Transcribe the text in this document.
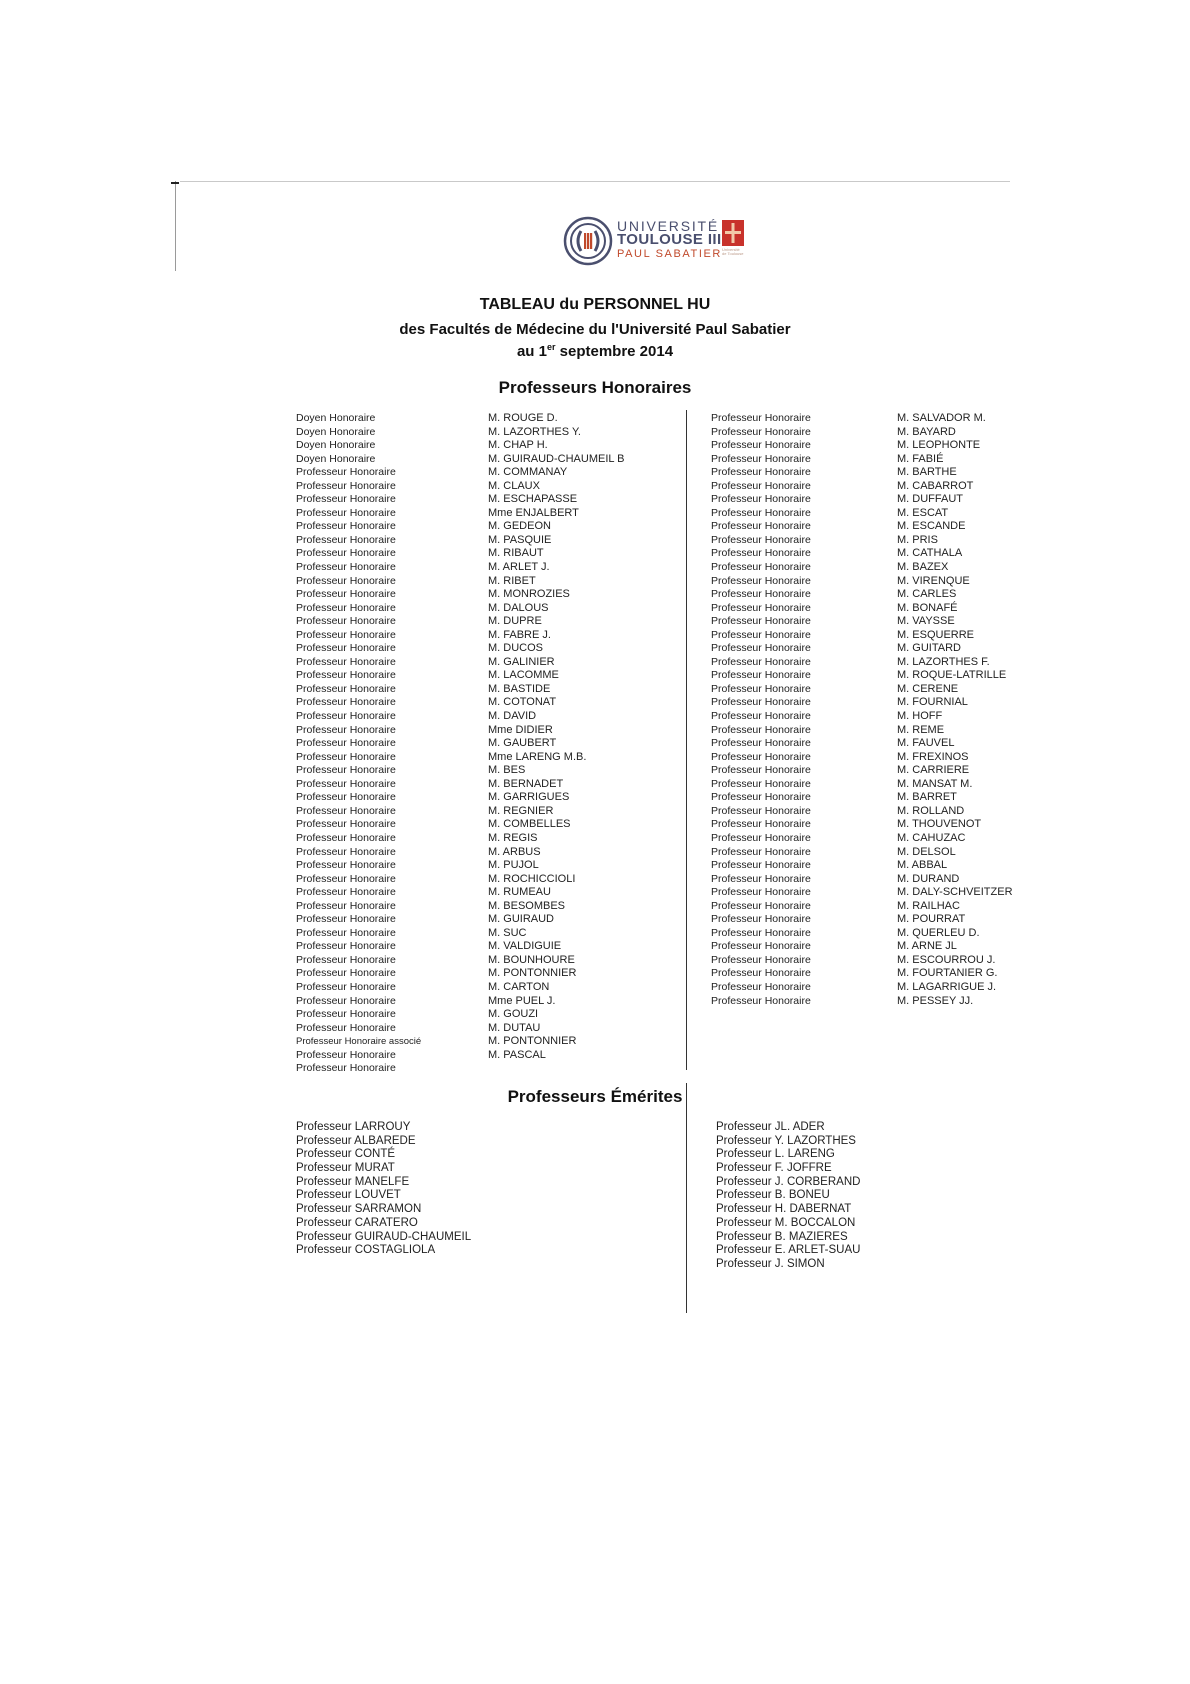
UNIVERSITÉ
TOULOUSE III
PAUL SABATIER Université de Toulouse
TABLEAU du PERSONNEL HU
des Facultés de Médecine du l'Université Paul Sabatier
au 1er septembre 2014
Professeurs Honoraires
Doyen Honoraire
Doyen Honoraire
Doyen Honoraire
Doyen Honoraire
Professeur Honoraire
Professeur Honoraire
Professeur Honoraire
Professeur Honoraire
Professeur Honoraire
Professeur Honoraire
Professeur Honoraire
Professeur Honoraire
Professeur Honoraire
Professeur Honoraire
Professeur Honoraire
Professeur Honoraire
Professeur Honoraire
Professeur Honoraire
Professeur Honoraire
Professeur Honoraire
Professeur Honoraire
Professeur Honoraire
Professeur Honoraire
Professeur Honoraire
Professeur Honoraire
Professeur Honoraire
Professeur Honoraire
Professeur Honoraire
Professeur Honoraire
Professeur Honoraire
Professeur Honoraire
Professeur Honoraire
Professeur Honoraire
Professeur Honoraire
Professeur Honoraire
Professeur Honoraire
Professeur Honoraire
Professeur Honoraire
Professeur Honoraire
Professeur Honoraire
Professeur Honoraire
Professeur Honoraire
Professeur Honoraire
Professeur Honoraire
Professeur Honoraire
Professeur Honoraire
Professeur Honoraire associé
Professeur Honoraire
Professeur Honoraire
M. ROUGE D.
M. LAZORTHES Y.
M. CHAP H.
M. GUIRAUD-CHAUMEIL B
M. COMMANAY
M. CLAUX
M. ESCHAPASSE
Mme ENJALBERT
M. GEDEON
M. PASQUIE
M. RIBAUT
M. ARLET J.
M. RIBET
M. MONROZIES
M. DALOUS
M. DUPRE
M. FABRE J.
M. DUCOS
M. GALINIER
M. LACOMME
M. BASTIDE
M. COTONAT
M. DAVID
Mme DIDIER
M. GAUBERT
Mme LARENG M.B.
M. BES
M. BERNADET
M. GARRIGUES
M. REGNIER
M. COMBELLES
M. REGIS
M. ARBUS
M. PUJOL
M. ROCHICCIOLI
M. RUMEAU
M. BESOMBES
M. GUIRAUD
M. SUC
M. VALDIGUIE
M. BOUNHOURE
M. PONTONNIER
M. CARTON
Mme PUEL J.
M. GOUZI
M. DUTAU
M. PONTONNIER
M. PASCAL
Professeur Honoraire
Professeur Honoraire
Professeur Honoraire
Professeur Honoraire
Professeur Honoraire
Professeur Honoraire
Professeur Honoraire
Professeur Honoraire
Professeur Honoraire
Professeur Honoraire
Professeur Honoraire
Professeur Honoraire
Professeur Honoraire
Professeur Honoraire
Professeur Honoraire
Professeur Honoraire
Professeur Honoraire
Professeur Honoraire
Professeur Honoraire
Professeur Honoraire
Professeur Honoraire
Professeur Honoraire
Professeur Honoraire
Professeur Honoraire
Professeur Honoraire
Professeur Honoraire
Professeur Honoraire
Professeur Honoraire
Professeur Honoraire
Professeur Honoraire
Professeur Honoraire
Professeur Honoraire
Professeur Honoraire
Professeur Honoraire
Professeur Honoraire
Professeur Honoraire
Professeur Honoraire
Professeur Honoraire
Professeur Honoraire
Professeur Honoraire
Professeur Honoraire
Professeur Honoraire
Professeur Honoraire
Professeur Honoraire
M. SALVADOR M.
M. BAYARD
M. LEOPHONTE
M. FABIÉ
M. BARTHE
M. CABARROT
M. DUFFAUT
M. ESCAT
M. ESCANDE
M. PRIS
M. CATHALA
M. BAZEX
M. VIRENQUE
M. CARLES
M. BONAFÉ
M. VAYSSE
M. ESQUERRE
M. GUITARD
M. LAZORTHES F.
M. ROQUE-LATRILLE
M. CERENE
M. FOURNIAL
M. HOFF
M. REME
M. FAUVEL
M. FREXINOS
M. CARRIERE
M. MANSAT M.
M. BARRET
M. ROLLAND
M. THOUVENOT
M. CAHUZAC
M. DELSOL
M. ABBAL
M. DURAND
M. DALY-SCHVEITZER
M. RAILHAC
M. POURRAT
M. QUERLEU D.
M. ARNE JL
M. ESCOURROU J.
M. FOURTANIER G.
M. LAGARRIGUE J.
M. PESSEY JJ.
Professeurs Émérites
Professeur LARROUY
Professeur ALBAREDE
Professeur CONTÉ
Professeur MURAT
Professeur MANELFE
Professeur LOUVET
Professeur SARRAMON
Professeur CARATERO
Professeur GUIRAUD-CHAUMEIL
Professeur COSTAGLIOLA
Professeur JL. ADER
Professeur Y. LAZORTHES
Professeur L. LARENG
Professeur F. JOFFRE
Professeur J. CORBERAND
Professeur B. BONEU
Professeur H. DABERNAT
Professeur M. BOCCALON
Professeur B. MAZIERES
Professeur E. ARLET-SUAU
Professeur J. SIMON
